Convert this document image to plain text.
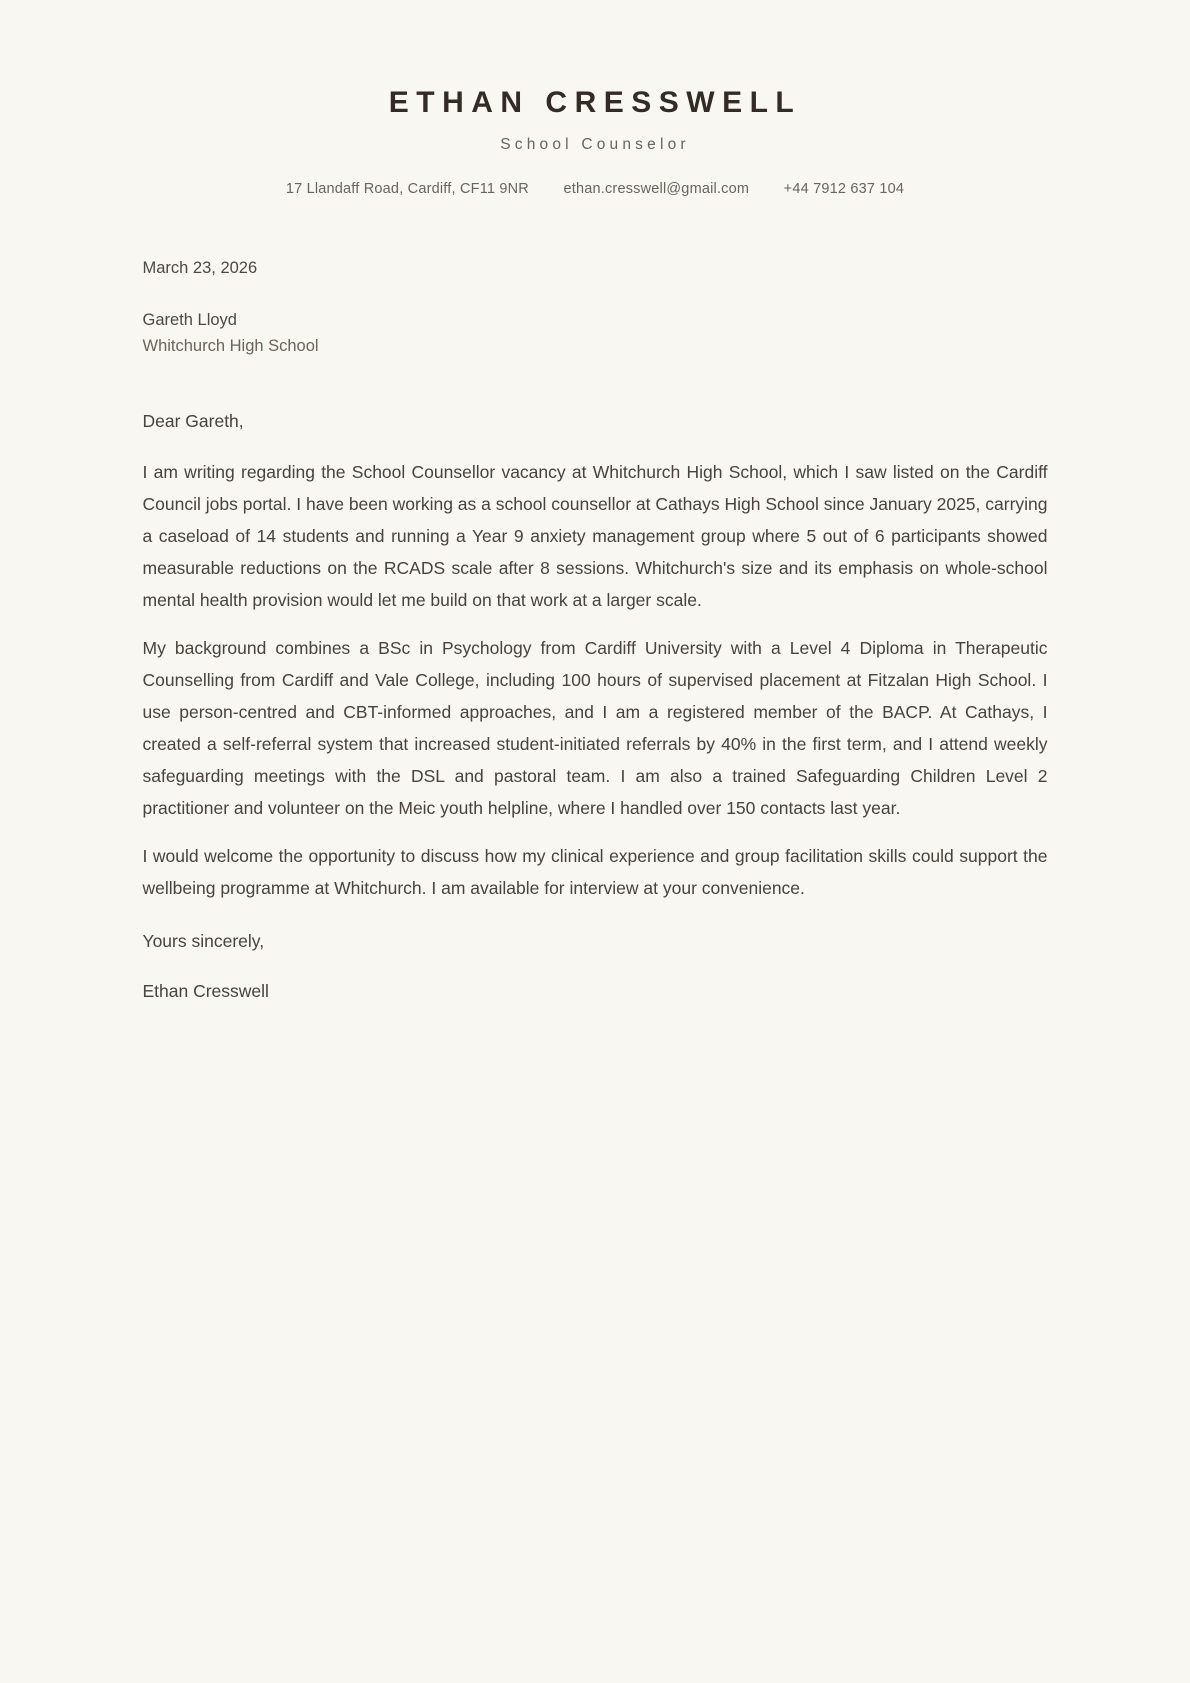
ETHAN CRESSWELL
School Counselor
17 Llandaff Road, Cardiff, CF11 9NR ethan.cresswell@gmail.com +44 7912 637 104
March 23, 2026
Gareth Lloyd
Whitchurch High School
Dear Gareth,

I am writing regarding the School Counsellor vacancy at Whitchurch High School, which I saw listed on the Cardiff Council jobs portal. I have been working as a school counsellor at Cathays High School since January 2025, carrying a caseload of 14 students and running a Year 9 anxiety management group where 5 out of 6 participants showed measurable reductions on the RCADS scale after 8 sessions. Whitchurch's size and its emphasis on whole-school mental health provision would let me build on that work at a larger scale.

My background combines a BSc in Psychology from Cardiff University with a Level 4 Diploma in Therapeutic Counselling from Cardiff and Vale College, including 100 hours of supervised placement at Fitzalan High School. I use person-centred and CBT-informed approaches, and I am a registered member of the BACP. At Cathays, I created a self-referral system that increased student-initiated referrals by 40% in the first term, and I attend weekly safeguarding meetings with the DSL and pastoral team. I am also a trained Safeguarding Children Level 2 practitioner and volunteer on the Meic youth helpline, where I handled over 150 contacts last year.

I would welcome the opportunity to discuss how my clinical experience and group facilitation skills could support the wellbeing programme at Whitchurch. I am available for interview at your convenience.

Yours sincerely,
Ethan Cresswell
